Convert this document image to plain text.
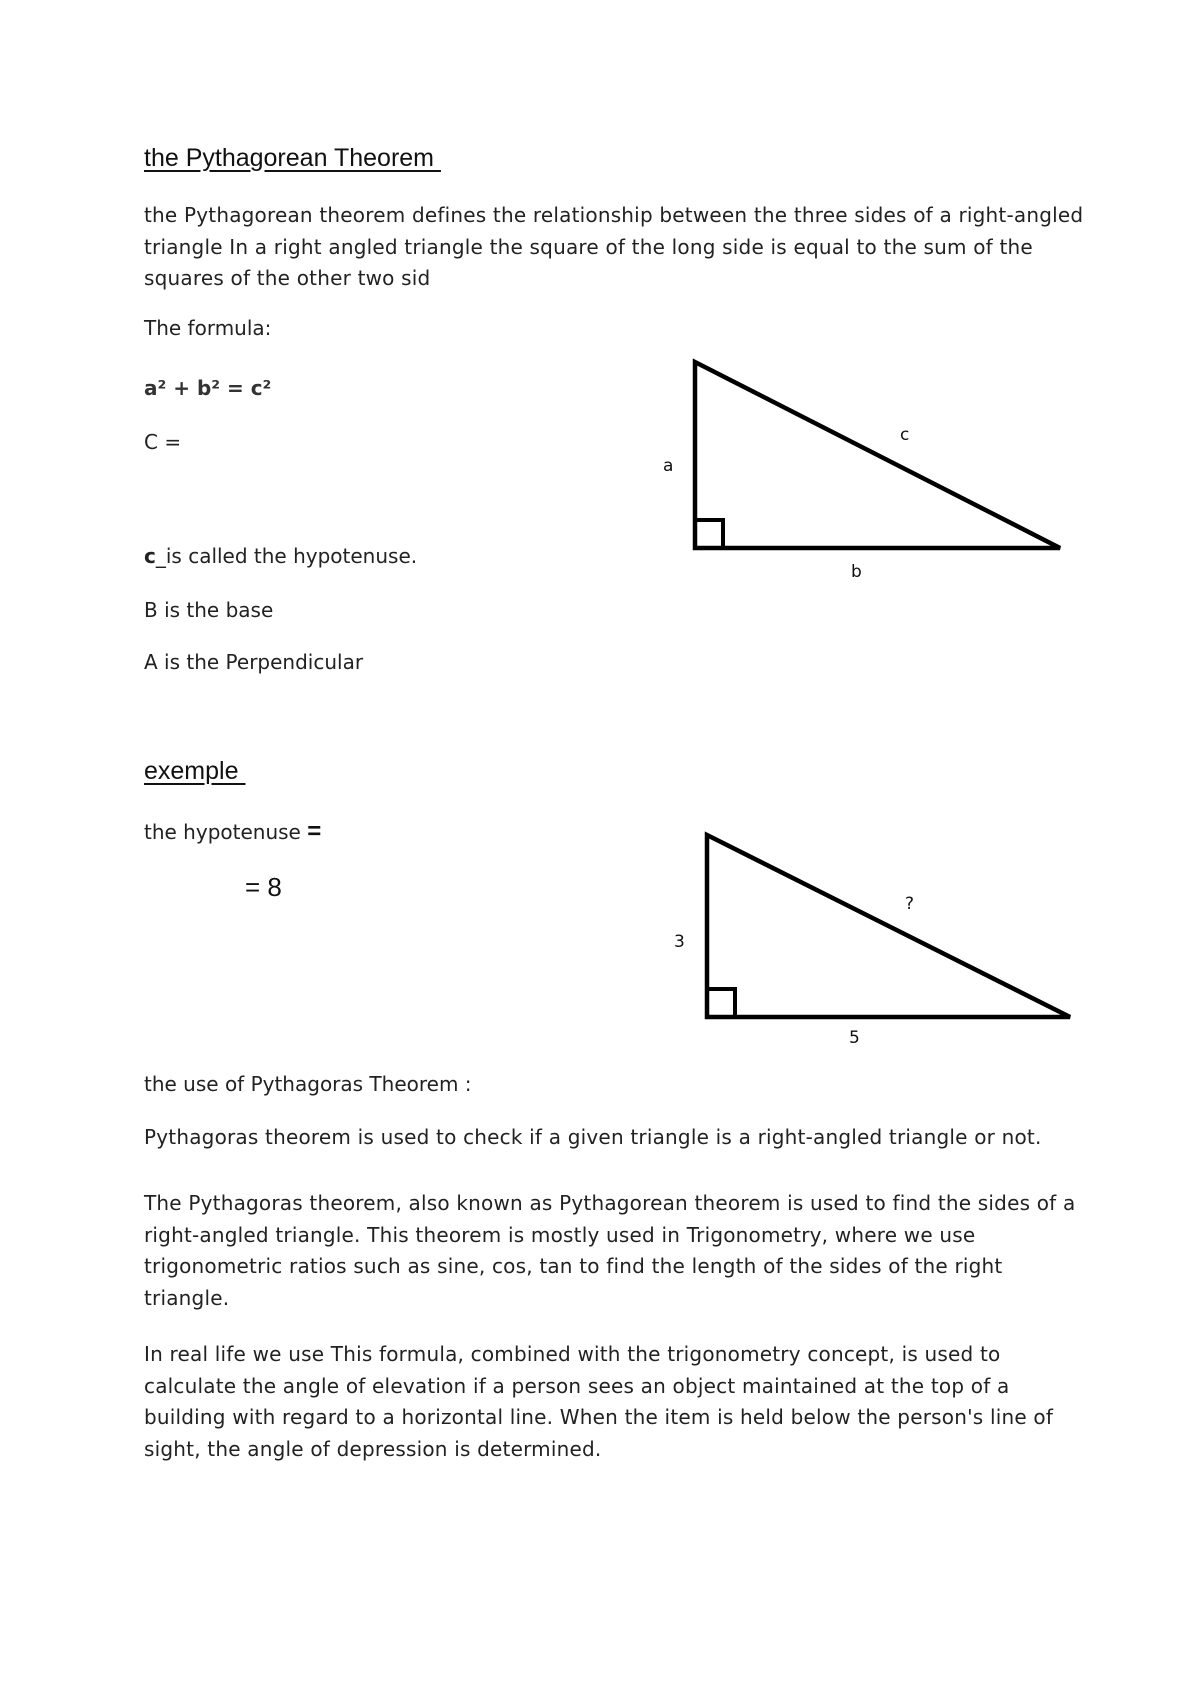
the Pythagorean Theorem
the Pythagorean theorem defines the relationship between the three sides of a right-angled triangle In a right angled triangle the square of the long side is equal to the sum of the squares of the other two sid
The formula:
a² + b² = c²
C =
c_is called the hypotenuse.
B is the base
A is the Perpendicular
a
c
b
exemple
the hypotenuse =
= 8
3
?
5
the use of Pythagoras Theorem :
Pythagoras theorem is used to check if a given triangle is a right-angled triangle or not.
The Pythagoras theorem, also known as Pythagorean theorem is used to find the sides of a right-angled triangle. This theorem is mostly used in Trigonometry, where we use trigonometric ratios such as sine, cos, tan to find the length of the sides of the right triangle.
In real life we use This formula, combined with the trigonometry concept, is used to calculate the angle of elevation if a person sees an object maintained at the top of a building with regard to a horizontal line. When the item is held below the person's line of sight, the angle of depression is determined.
